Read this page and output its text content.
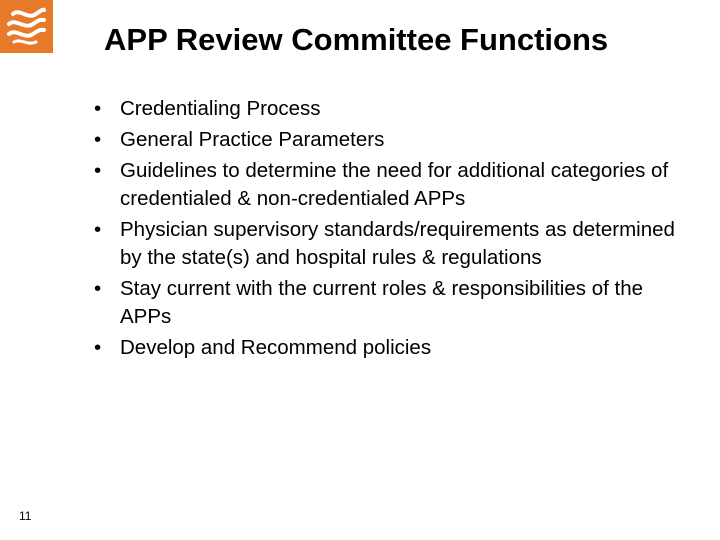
APP Review Committee Functions
• Credentialing Process
• General Practice Parameters
• Guidelines to determine the need for additional categories of credentialed & non-credentialed APPs
• Physician supervisory standards/requirements as determined by the state(s) and hospital rules & regulations
• Stay current with the current roles & responsibilities of the APPs
• Develop and Recommend policies
11
